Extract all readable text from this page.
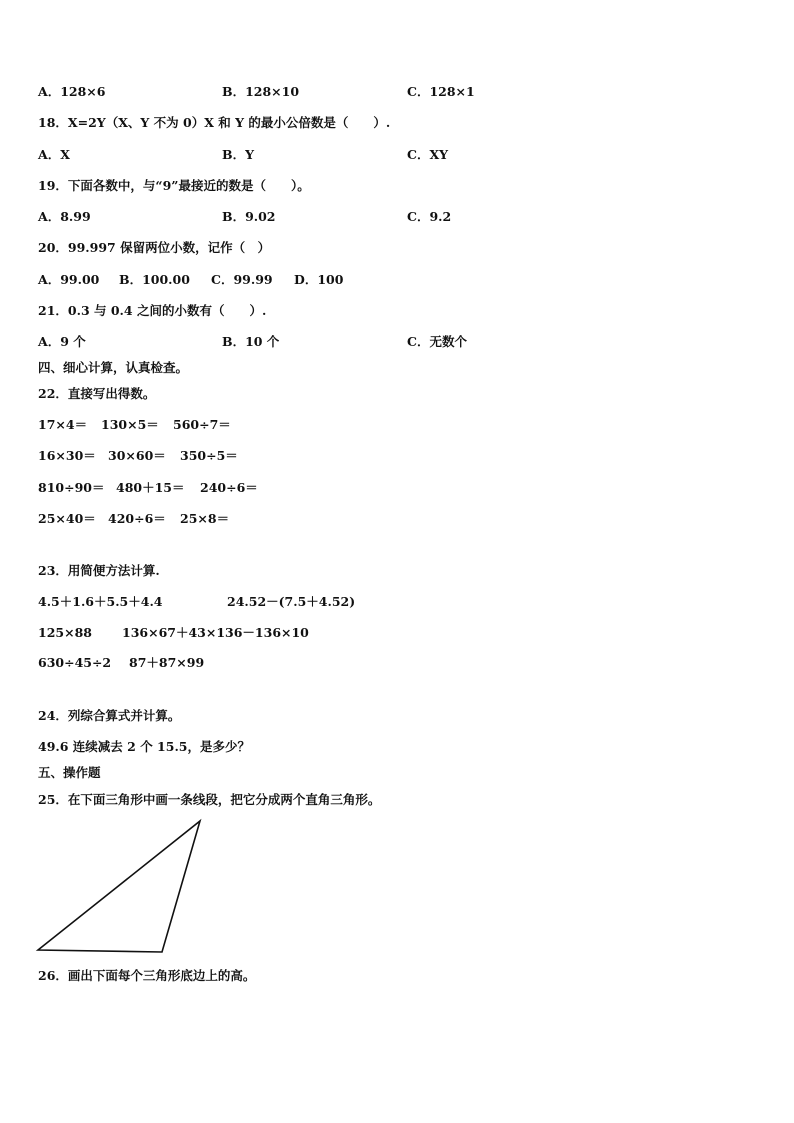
A．128×6	B．128×10	C．128×1
18．X=2Y（X、Y 不为 0）X 和 Y 的最小公倍数是（　　）.
A．X	B．Y	C．XY
19．下面各数中，与“9”最接近的数是（　　）。
A．8.99	B．9.02	C．9.2
20．99.997 保留两位小数，记作（　）
A．99.00 B．100.00 C．99.99 D．100
21．0.3 与 0.4 之间的小数有（　　）.
A．9 个	B．10 个	C．无数个
四、细心计算，认真检查。
22．直接写出得数。
17×4＝ 130×5＝ 560÷7＝
16×30＝ 30×60＝ 350÷5＝
810÷90＝ 480＋15＝ 240÷6＝
25×40＝ 420÷6＝ 25×8＝
23．用简便方法计算.
4.5＋1.6＋5.5＋4.4	24.52－(7.5＋4.52)
125×88 136×67＋43×136－136×10
630÷45÷2 87＋87×99
24．列综合算式并计算。
49.6 连续减去 2 个 15.5，是多少？
五、操作题
25．在下面三角形中画一条线段，把它分成两个直角三角形。
26．画出下面每个三角形底边上的高。
